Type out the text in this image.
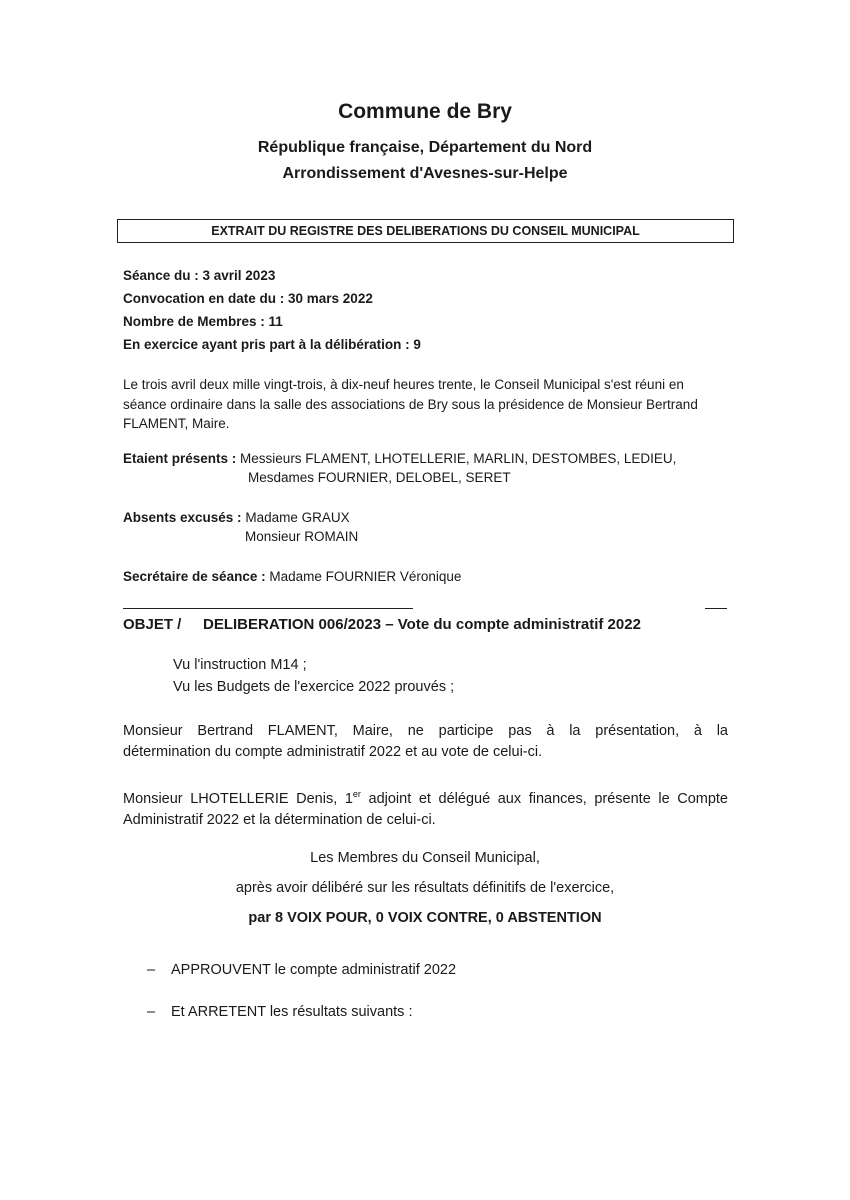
Commune de Bry
République française, Département du Nord
Arrondissement d'Avesnes-sur-Helpe
EXTRAIT DU REGISTRE DES DELIBERATIONS DU CONSEIL MUNICIPAL
Séance du : 3 avril 2023
Convocation en date du : 30 mars 2022
Nombre de Membres : 11
En exercice ayant pris part à la délibération : 9
Le trois avril deux mille vingt-trois, à dix-neuf heures trente, le Conseil Municipal s'est réuni en
séance ordinaire dans la salle des associations de Bry sous la présidence de Monsieur Bertrand
FLAMENT, Maire.
Etaient présents : Messieurs FLAMENT, LHOTELLERIE, MARLIN, DESTOMBES, LEDIEU,
Mesdames FOURNIER, DELOBEL, SERET
Absents excusés : Madame GRAUX
Monsieur ROMAIN
Secrétaire de séance : Madame FOURNIER Véronique
OBJET / DELIBERATION 006/2023 – Vote du compte administratif 2022
Vu l'instruction M14 ;
Vu les Budgets de l'exercice 2022 prouvés ;
Monsieur Bertrand FLAMENT, Maire, ne participe pas à la présentation, à la
détermination du compte administratif 2022 et au vote de celui-ci.
Monsieur LHOTELLERIE Denis, 1er adjoint et délégué aux finances, présente le Compte
Administratif 2022 et la détermination de celui-ci.
Les Membres du Conseil Municipal,
après avoir délibéré sur les résultats définitifs de l'exercice,
par 8 VOIX POUR, 0 VOIX CONTRE, 0 ABSTENTION
– APPROUVENT le compte administratif 2022
– Et ARRETENT les résultats suivants :
